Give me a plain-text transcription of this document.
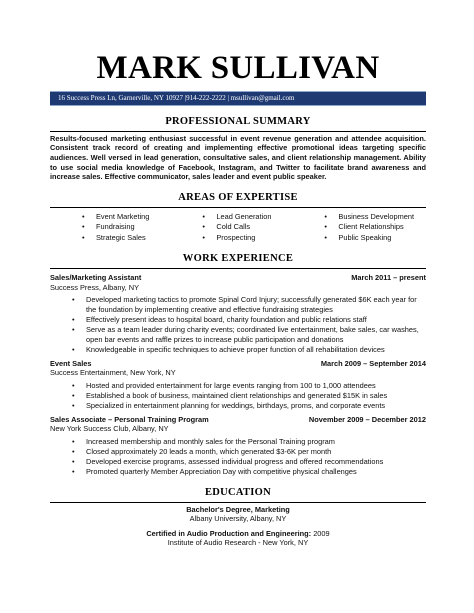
MARK SULLIVAN
16 Success Press Ln, Garnerville, NY 10927 |914-222-2222 | msullivan@gmail.com
PROFESSIONAL SUMMARY

Results-focused marketing enthusiast successful in event revenue generation and attendee acquisition. Consistent track record of creating and implementing effective promotional ideas targeting specific audiences. Well versed in lead generation, consultative sales, and client relationship management. Ability to use social media knowledge of Facebook, Instagram, and Twitter to facilitate brand awareness and increase sales. Effective communicator, sales leader and event public speaker.

AREAS OF EXPERTISE
• Event Marketing
• Fundraising
• Strategic Sales
• Lead Generation
• Cold Calls
• Prospecting
• Business Development
• Client Relationships
• Public Speaking
WORK EXPERIENCE
Sales/Marketing Assistant	March 2011 – present

Success Press, Albany, NY

• Developed marketing tactics to promote Spinal Cord Injury; successfully generated $6K each year for the foundation by implementing creative and effective fundraising strategies
• Effectively present ideas to hospital board, charity foundation and public relations staff
• Serve as a team leader during charity events; coordinated live entertainment, bake sales, car washes, open bar events and raffle prizes to increase public participation and donations
• Knowledgeable in specific techniques to achieve proper function of all rehabilitation devices
Event Sales	March 2009 – September 2014

Success Entertainment, New York, NY

• Hosted and provided entertainment for large events ranging from 100 to 1,000 attendees
• Established a book of business, maintained client relationships and generated $15K in sales
• Specialized in entertainment planning for weddings, birthdays, proms, and corporate events
Sales Associate – Personal Training Program	November 2009 – December 2012

New York Success Club, Albany, NY

• Increased membership and monthly sales for the Personal Training program
• Closed approximately 20 leads a month, which generated $3-6K per month
• Developed exercise programs, assessed individual progress and offered recommendations
• Promoted quarterly Member Appreciation Day with competitive physical challenges
EDUCATION
Bachelor's Degree, Marketing
Albany University, Albany, NY
Certified in Audio Production and Engineering: 2009
Institute of Audio Research - New York, NY
